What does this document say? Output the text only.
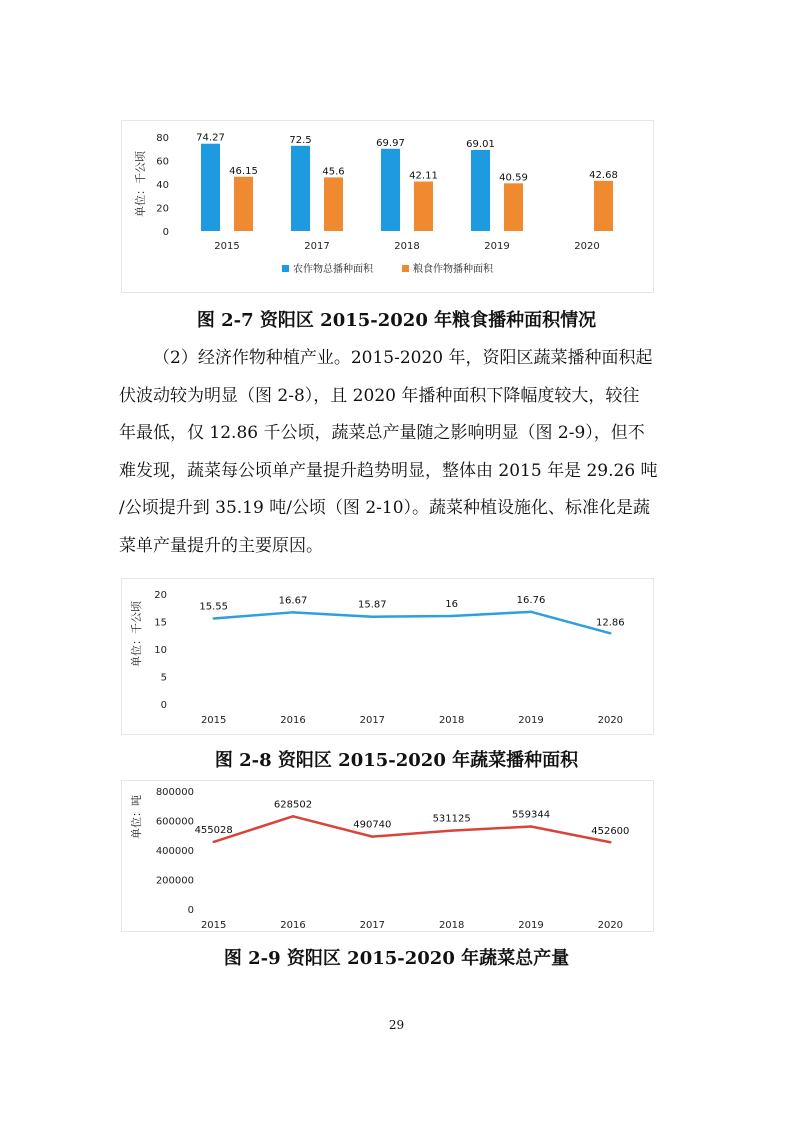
单位：千公顷
0
20
40
60
80
2015
74.27
46.15
2017
72.5
45.6
2018
69.97
42.11
2019
69.01
40.59
2020
42.68
农作物总播种面积	粮食作物播种面积
图 2-7 资阳区 2015-2020 年粮食播种面积情况
（2）经济作物种植产业。2015-2020 年，资阳区蔬菜播种面积起
伏波动较为明显（图 2-8），且 2020 年播种面积下降幅度较大，较往
年最低，仅 12.86 千公顷，蔬菜总产量随之影响明显（图 2-9），但不
难发现，蔬菜每公顷单产量提升趋势明显，整体由 2015 年是 29.26 吨
/公顷提升到 35.19 吨/公顷（图 2-10）。蔬菜种植设施化、标准化是蔬
菜单产量提升的主要原因。
单位：千公顷
0
5
10
15
20
2015	2016	2017	2018	2019	2020
15.55
16.67	15.87	16	16.76
12.86
图 2-8 资阳区 2015-2020 年蔬菜播种面积
单位：吨
0
200000
400000
600000
800000
2015	2016	2017	2018	2019	2020
455028
628502
490740
531125	559344
452600
图 2-9 资阳区 2015-2020 年蔬菜总产量
29
